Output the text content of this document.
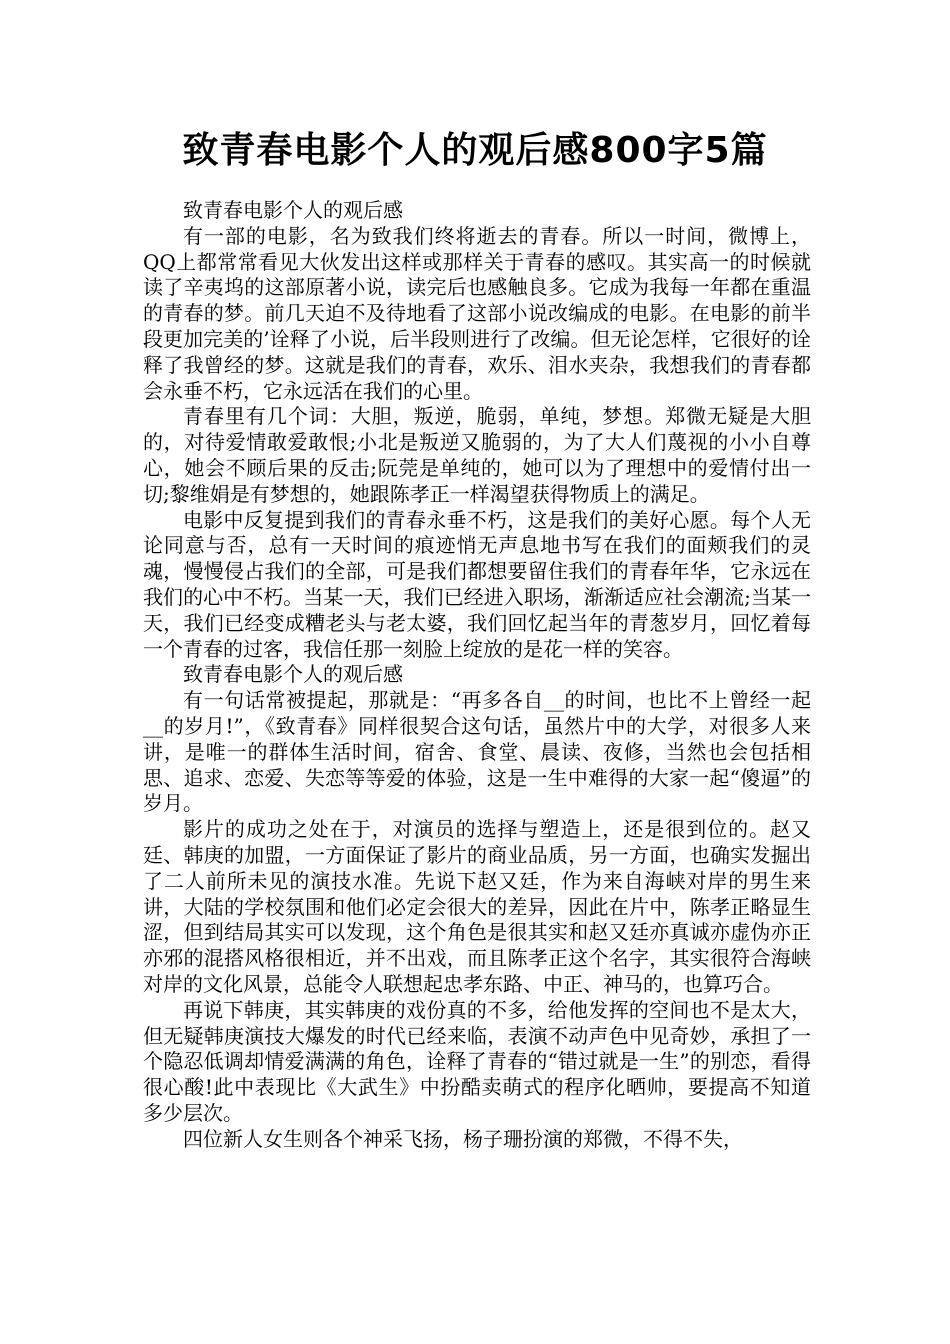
致青春电影个人的观后感800字5篇

致青春电影个人的观后感

有一部的电影，名为致我们终将逝去的青春。所以一时间，微博上，QQ上都常常看见大伙发出这样或那样关于青春的感叹。其实高一的时候就读了辛夷坞的这部原著小说，读完后也感触良多。它成为我每一年都在重温的青春的梦。前几天迫不及待地看了这部小说改编成的电影。在电影的前半段更加完美的’诠释了小说，后半段则进行了改编。但无论怎样，它很好的诠释了我曾经的梦。这就是我们的青春，欢乐、泪水夹杂，我想我们的青春都会永垂不朽，它永远活在我们的心里。

青春里有几个词：大胆，叛逆，脆弱，单纯，梦想。郑微无疑是大胆的，对待爱情敢爱敢恨;小北是叛逆又脆弱的，为了大人们蔑视的小小自尊心，她会不顾后果的反击;阮莞是单纯的，她可以为了理想中的爱情付出一切;黎维娟是有梦想的，她跟陈孝正一样渴望获得物质上的满足。

电影中反复提到我们的青春永垂不朽，这是我们的美好心愿。每个人无论同意与否，总有一天时间的痕迹悄无声息地书写在我们的面颊我们的灵魂，慢慢侵占我们的全部，可是我们都想要留住我们的青春年华，它永远在我们的心中不朽。当某一天，我们已经进入职场，渐渐适应社会潮流;当某一天，我们已经变成糟老头与老太婆，我们回忆起当年的青葱岁月，回忆着每一个青春的过客，我信任那一刻脸上绽放的是花一样的笑容。

致青春电影个人的观后感

有一句话常被提起，那就是：“再多各自__的时间，也比不上曾经一起__的岁月!”，《致青春》同样很契合这句话，虽然片中的大学，对很多人来讲，是唯一的群体生活时间，宿舍、食堂、晨读、夜修，当然也会包括相思、追求、恋爱、失恋等等爱的体验，这是一生中难得的大家一起“傻逼”的岁月。

影片的成功之处在于，对演员的选择与塑造上，还是很到位的。赵又廷、韩庚的加盟，一方面保证了影片的商业品质，另一方面，也确实发掘出了二人前所未见的演技水准。先说下赵又廷，作为来自海峡对岸的男生来讲，大陆的学校氛围和他们必定会很大的差异，因此在片中，陈孝正略显生涩，但到结局其实可以发现，这个角色是很其实和赵又廷亦真诚亦虚伪亦正亦邪的混搭风格很相近，并不出戏，而且陈孝正这个名字，其实很符合海峡对岸的文化风景，总能令人联想起忠孝东路、中正、神马的，也算巧合。

再说下韩庚，其实韩庚的戏份真的不多，给他发挥的空间也不是太大，但无疑韩庚演技大爆发的时代已经来临，表演不动声色中见奇妙，承担了一个隐忍低调却情爱满满的角色，诠释了青春的“错过就是一生”的别恋，看得很心酸!此中表现比《大武生》中扮酷卖萌式的程序化晒帅，要提高不知道多少层次。

四位新人女生则各个神采飞扬，杨子珊扮演的郑微，不得不失，
